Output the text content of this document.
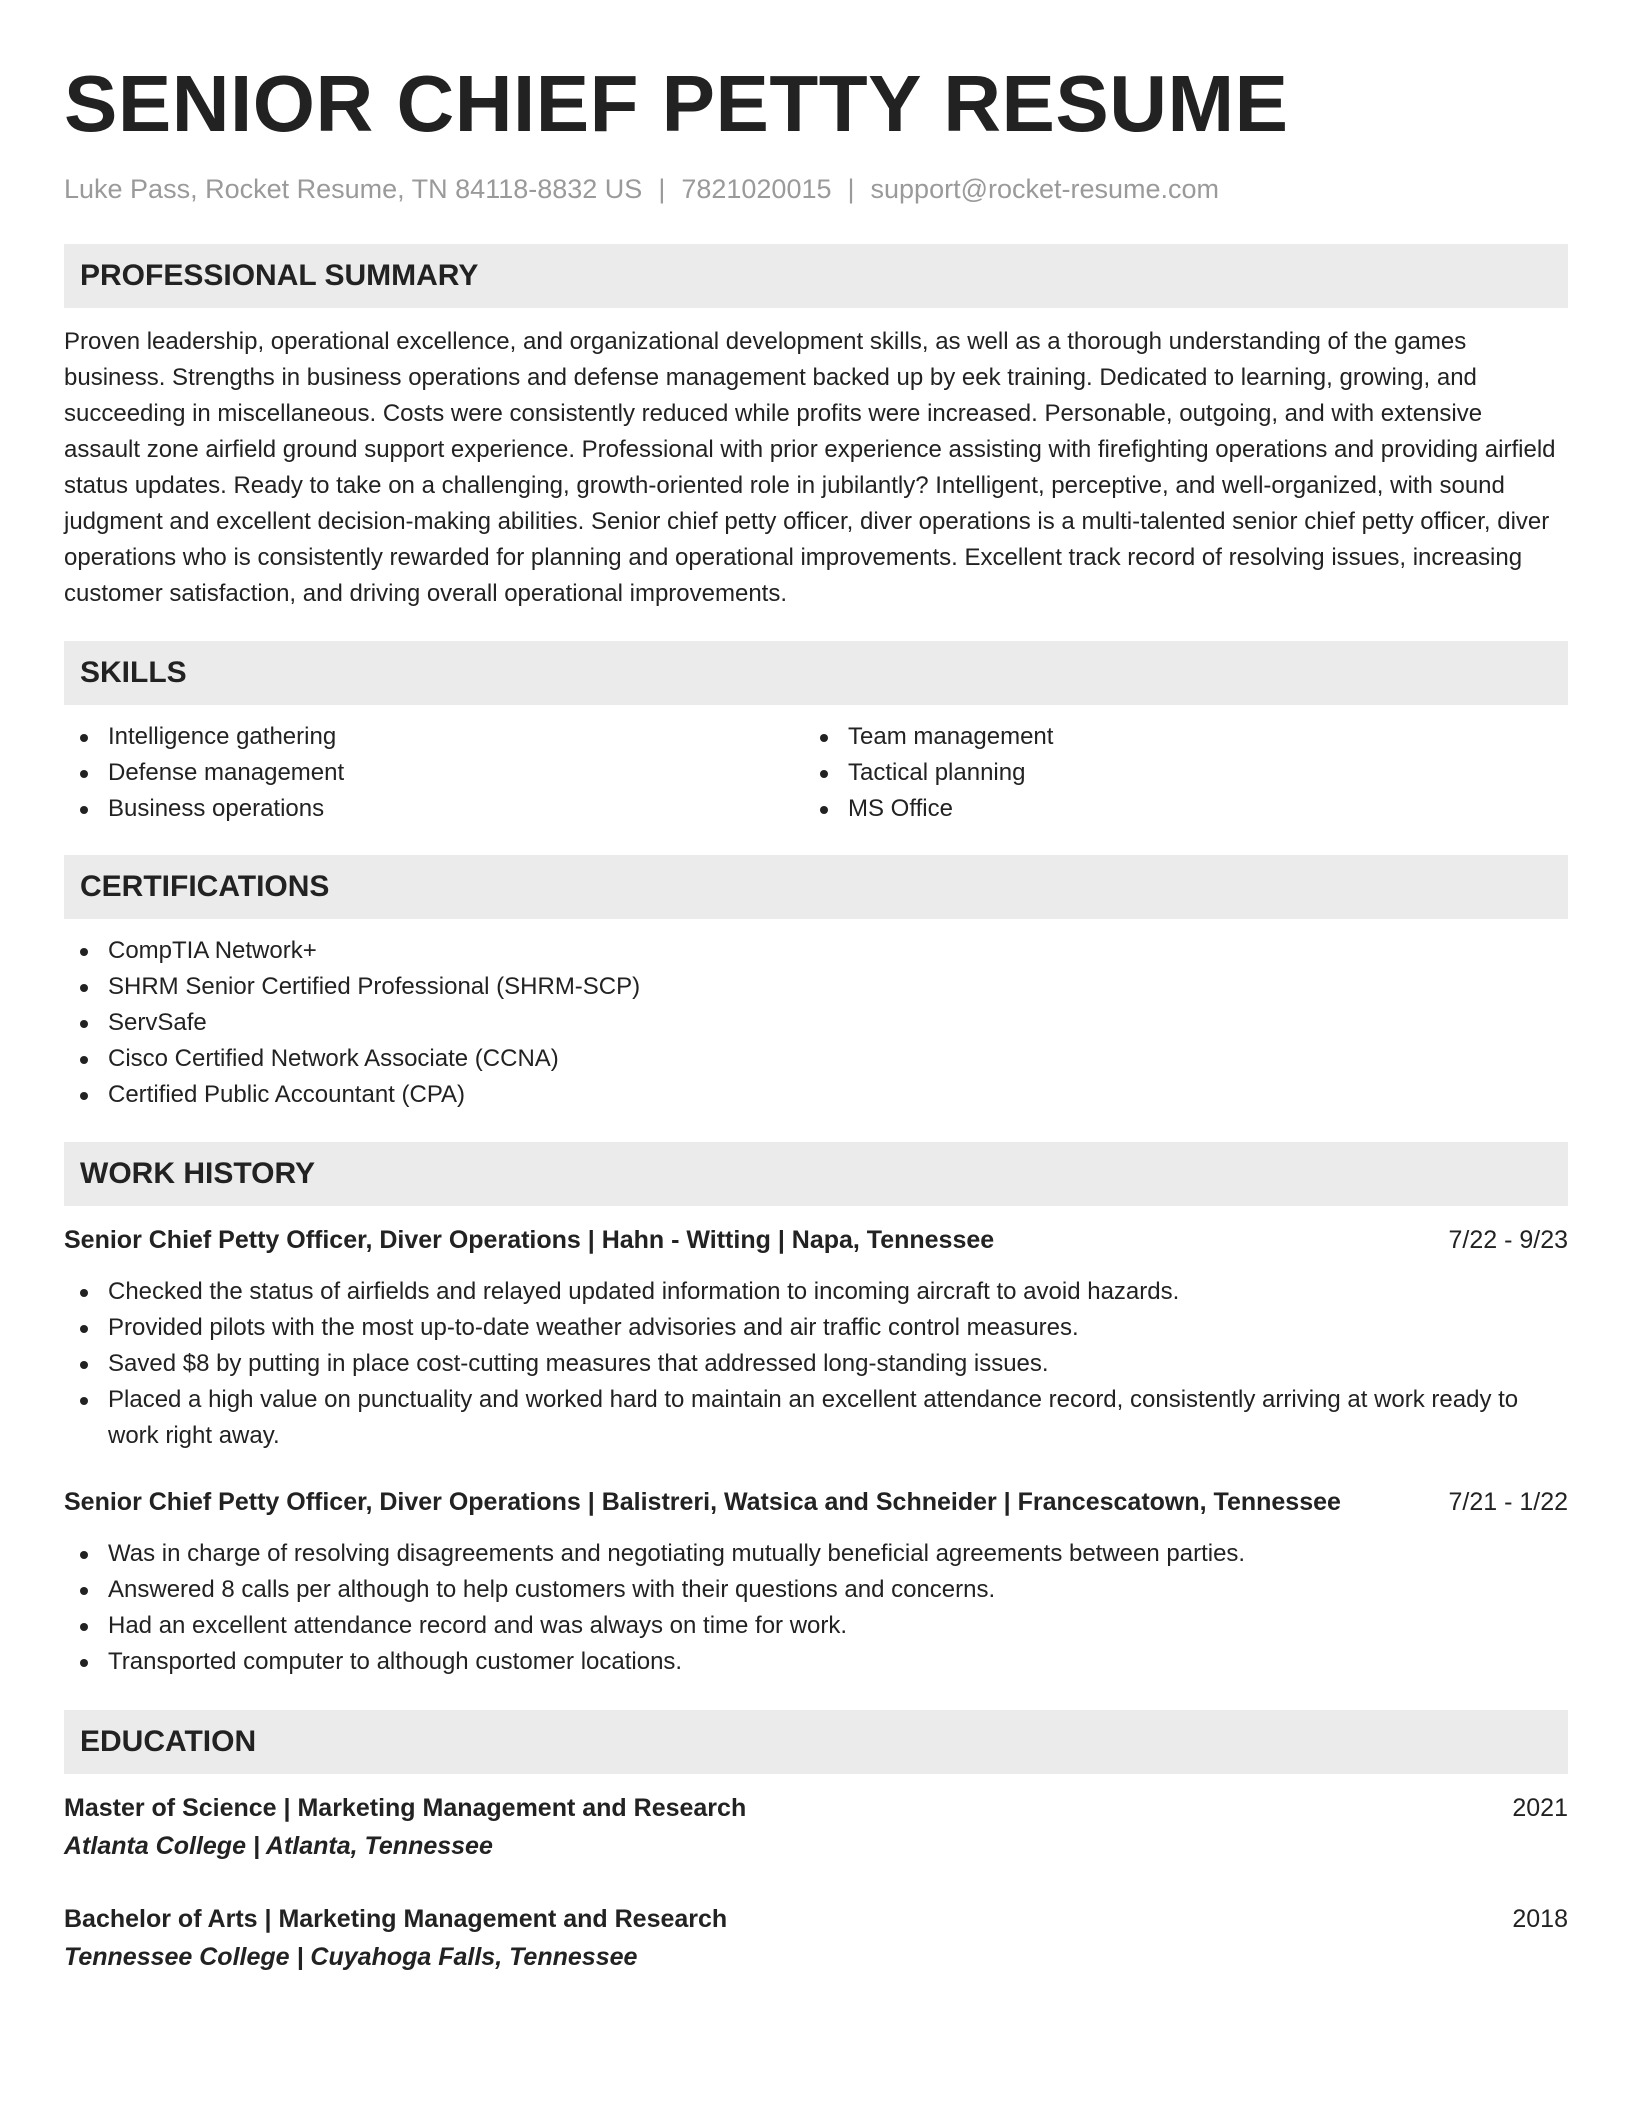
SENIOR CHIEF PETTY RESUME
Luke Pass, Rocket Resume, TN 84118-8832 US | 7821020015 | support@rocket-resume.com
PROFESSIONAL SUMMARY

Proven leadership, operational excellence, and organizational development skills, as well as a thorough understanding of the games business. Strengths in business operations and defense management backed up by eek training. Dedicated to learning, growing, and succeeding in miscellaneous. Costs were consistently reduced while profits were increased. Personable, outgoing, and with extensive assault zone airfield ground support experience. Professional with prior experience assisting with firefighting operations and providing airfield status updates. Ready to take on a challenging, growth-oriented role in jubilantly? Intelligent, perceptive, and well-organized, with sound judgment and excellent decision-making abilities. Senior chief petty officer, diver operations is a multi-talented senior chief petty officer, diver operations who is consistently rewarded for planning and operational improvements. Excellent track record of resolving issues, increasing customer satisfaction, and driving overall operational improvements.

SKILLS
Intelligence gathering
Defense management
Business operations
Team management
Tactical planning
MS Office
CERTIFICATIONS
CompTIA Network+
SHRM Senior Certified Professional (SHRM-SCP)
ServSafe
Cisco Certified Network Associate (CCNA)
Certified Public Accountant (CPA)
WORK HISTORY
Senior Chief Petty Officer, Diver Operations | Hahn - Witting | Napa, Tennessee	7/22 - 9/23
Checked the status of airfields and relayed updated information to incoming aircraft to avoid hazards.
Provided pilots with the most up-to-date weather advisories and air traffic control measures.
Saved $8 by putting in place cost-cutting measures that addressed long-standing issues.
Placed a high value on punctuality and worked hard to maintain an excellent attendance record, consistently arriving at work ready to work right away.
Senior Chief Petty Officer, Diver Operations | Balistreri, Watsica and Schneider | Francescatown, Tennessee	7/21 - 1/22
Was in charge of resolving disagreements and negotiating mutually beneficial agreements between parties.
Answered 8 calls per although to help customers with their questions and concerns.
Had an excellent attendance record and was always on time for work.
Transported computer to although customer locations.
EDUCATION
Master of Science | Marketing Management and Research	2021
Atlanta College | Atlanta, Tennessee
Bachelor of Arts | Marketing Management and Research	2018
Tennessee College | Cuyahoga Falls, Tennessee
